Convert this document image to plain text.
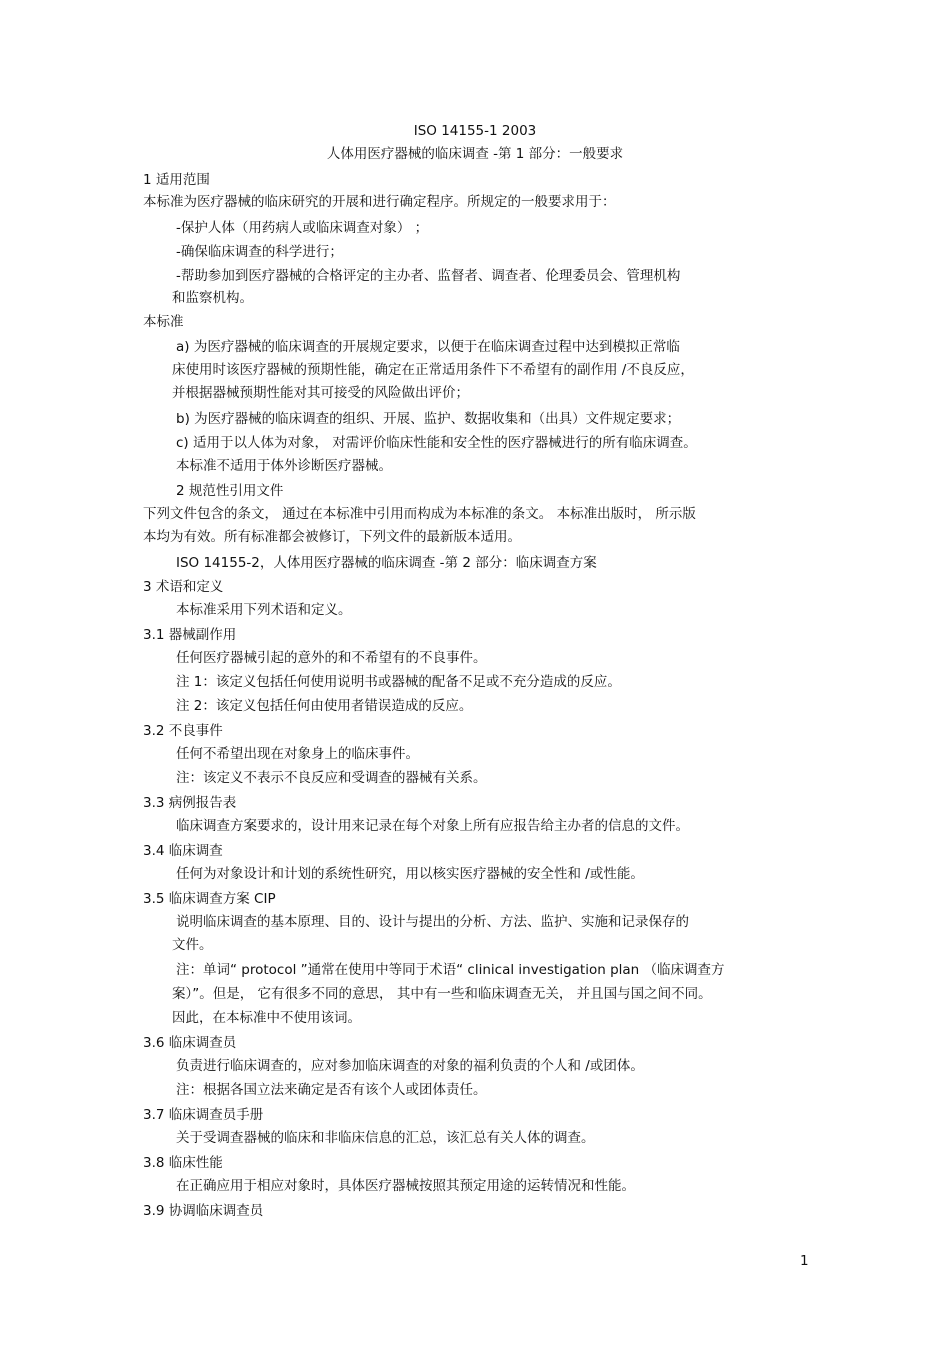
ISO 14155-1 2003
人体用医疗器械的临床调查 -第 1 部分：一般要求
1 适用范围
本标准为医疗器械的临床研究的开展和进行确定程序。所规定的一般要求用于：
-保护人体（用药病人或临床调查对象） ；
-确保临床调查的科学进行；
-帮助参加到医疗器械的合格评定的主办者、监督者、调查者、伦理委员会、管理机构
和监察机构。
本标准
a) 为医疗器械的临床调查的开展规定要求，以便于在临床调查过程中达到模拟正常临
床使用时该医疗器械的预期性能，确定在正常适用条件下不希望有的副作用 /不良反应，
并根据器械预期性能对其可接受的风险做出评价；
b) 为医疗器械的临床调查的组织、开展、监护、数据收集和（出具）文件规定要求；
c) 适用于以人体为对象， 对需评价临床性能和安全性的医疗器械进行的所有临床调查。
本标准不适用于体外诊断医疗器械。
2 规范性引用文件
下列文件包含的条文， 通过在本标准中引用而构成为本标准的条文。 本标准出版时， 所示版
本均为有效。所有标准都会被修订，下列文件的最新版本适用。
ISO 14155-2，人体用医疗器械的临床调查 -第 2 部分：临床调查方案
3 术语和定义
本标准采用下列术语和定义。
3.1 器械副作用
任何医疗器械引起的意外的和不希望有的不良事件。
注 1：该定义包括任何使用说明书或器械的配备不足或不充分造成的反应。
注 2：该定义包括任何由使用者错误造成的反应。
3.2 不良事件
任何不希望出现在对象身上的临床事件。
注：该定义不表示不良反应和受调查的器械有关系。
3.3 病例报告表
临床调查方案要求的，设计用来记录在每个对象上所有应报告给主办者的信息的文件。
3.4 临床调查
任何为对象设计和计划的系统性研究，用以核实医疗器械的安全性和 /或性能。
3.5 临床调查方案 CIP
说明临床调查的基本原理、目的、设计与提出的分析、方法、监护、实施和记录保存的
文件。
注：单词“ protocol ”通常在使用中等同于术语“ clinical investigation plan （临床调查方
案）”。但是， 它有很多不同的意思， 其中有一些和临床调查无关， 并且国与国之间不同。
因此，在本标准中不使用该词。
3.6 临床调查员
负责进行临床调查的，应对参加临床调查的对象的福利负责的个人和 /或团体。
注：根据各国立法来确定是否有该个人或团体责任。
3.7 临床调查员手册
关于受调查器械的临床和非临床信息的汇总，该汇总有关人体的调查。
3.8 临床性能
在正确应用于相应对象时，具体医疗器械按照其预定用途的运转情况和性能。
3.9 协调临床调查员
1
